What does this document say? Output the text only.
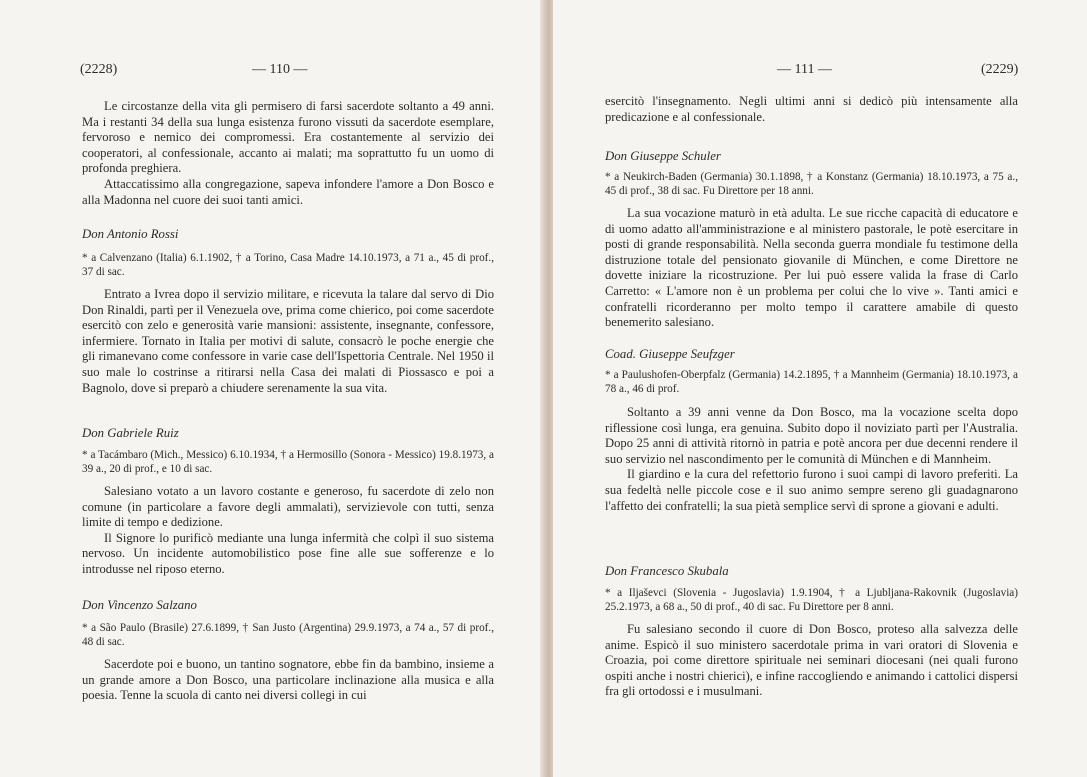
(2228)	— 110 —

Le circostanze della vita gli permisero di farsi sacerdote soltanto a 49 anni. Ma i restanti 34 della sua lunga esistenza furono vissuti da sacerdote esemplare, fervoroso e nemico dei compromessi. Era costantemente al servizio dei cooperatori, al confessionale, accanto ai malati; ma soprattutto fu un uomo di profonda preghiera.

Attaccatissimo alla congregazione, sapeva infondere l'amore a Don Bosco e alla Madonna nel cuore dei suoi tanti amici.

Don Antonio Rossi
* a Calvenzano (Italia) 6.1.1902, † a Torino, Casa Madre 14.10.1973, a 71 a., 45 di prof., 37 di sac.

Entrato a Ivrea dopo il servizio militare, e ricevuta la talare dal servo di Dio Don Rinaldi, partì per il Venezuela ove, prima come chierico, poi come sacerdote esercitò con zelo e generosità varie mansioni: assistente, insegnante, confessore, infermiere. Tornato in Italia per motivi di salute, consacrò le poche energie che gli rimanevano come confessore in varie case dell'Ispettoria Centrale. Nel 1950 il suo male lo costrinse a ritirarsi nella Casa dei malati di Piossasco e poi a Bagnolo, dove si preparò a chiudere serenamente la sua vita.

Don Gabriele Ruiz
* a Tacámbaro (Mich., Messico) 6.10.1934, † a Hermosillo (Sonora - Messico) 19.8.1973, a 39 a., 20 di prof., e 10 di sac.

Salesiano votato a un lavoro costante e generoso, fu sacerdote di zelo non comune (in particolare a favore degli ammalati), servizievole con tutti, senza limite di tempo e dedizione.

Il Signore lo purificò mediante una lunga infermità che colpì il suo sistema nervoso. Un incidente automobilistico pose fine alle sue sofferenze e lo introdusse nel riposo eterno.

Don Vincenzo Salzano
* a São Paulo (Brasile) 27.6.1899, † San Justo (Argentina) 29.9.1973, a 74 a., 57 di prof., 48 di sac.

Sacerdote poi e buono, un tantino sognatore, ebbe fin da bambino, insieme a un grande amore a Don Bosco, una particolare inclinazione alla musica e alla poesia. Tenne la scuola di canto nei diversi collegi in cui

— 111 —	(2229)

esercitò l'insegnamento. Negli ultimi anni si dedicò più intensamente alla predicazione e al confessionale.

Don Giuseppe Schuler
* a Neukirch-Baden (Germania) 30.1.1898, † a Konstanz (Germania) 18.10.1973, a 75 a., 45 di prof., 38 di sac. Fu Direttore per 18 anni.

La sua vocazione maturò in età adulta. Le sue ricche capacità di educatore e di uomo adatto all'amministrazione e al ministero pastorale, le potè esercitare in posti di grande responsabilità. Nella seconda guerra mondiale fu testimone della distruzione totale del pensionato giovanile di München, e come Direttore ne dovette iniziare la ricostruzione. Per lui può essere valida la frase di Carlo Carretto: « L'amore non è un problema per colui che lo vive ». Tanti amici e confratelli ricorderanno per molto tempo il carattere amabile di questo benemerito salesiano.

Coad. Giuseppe Seufzger
* a Paulushofen-Oberpfalz (Germania) 14.2.1895, † a Mannheim (Germania) 18.10.1973, a 78 a., 46 di prof.

Soltanto a 39 anni venne da Don Bosco, ma la vocazione scelta dopo riflessione così lunga, era genuina. Subito dopo il noviziato partì per l'Australia. Dopo 25 anni di attività ritornò in patria e potè ancora per due decenni rendere il suo servizio nel nascondimento per le comunità di München e di Mannheim.

Il giardino e la cura del refettorio furono i suoi campi di lavoro preferiti. La sua fedeltà nelle piccole cose e il suo animo sempre sereno gli guadagnarono l'affetto dei confratelli; la sua pietà semplice servì di sprone a giovani e adulti.

Don Francesco Skubala
* a Iljaševci (Slovenia - Jugoslavia) 1.9.1904, † a Ljubljana-Rakovnik (Jugoslavia) 25.2.1973, a 68 a., 50 di prof., 40 di sac. Fu Direttore per 8 anni.

Fu salesiano secondo il cuore di Don Bosco, proteso alla salvezza delle anime. Espicò il suo ministero sacerdotale prima in vari oratori di Slovenia e Croazia, poi come direttore spirituale nei seminari diocesani (nei quali furono ospiti anche i nostri chierici), e infine raccogliendo e animando i cattolici dispersi fra gli ortodossi e i musulmani.
